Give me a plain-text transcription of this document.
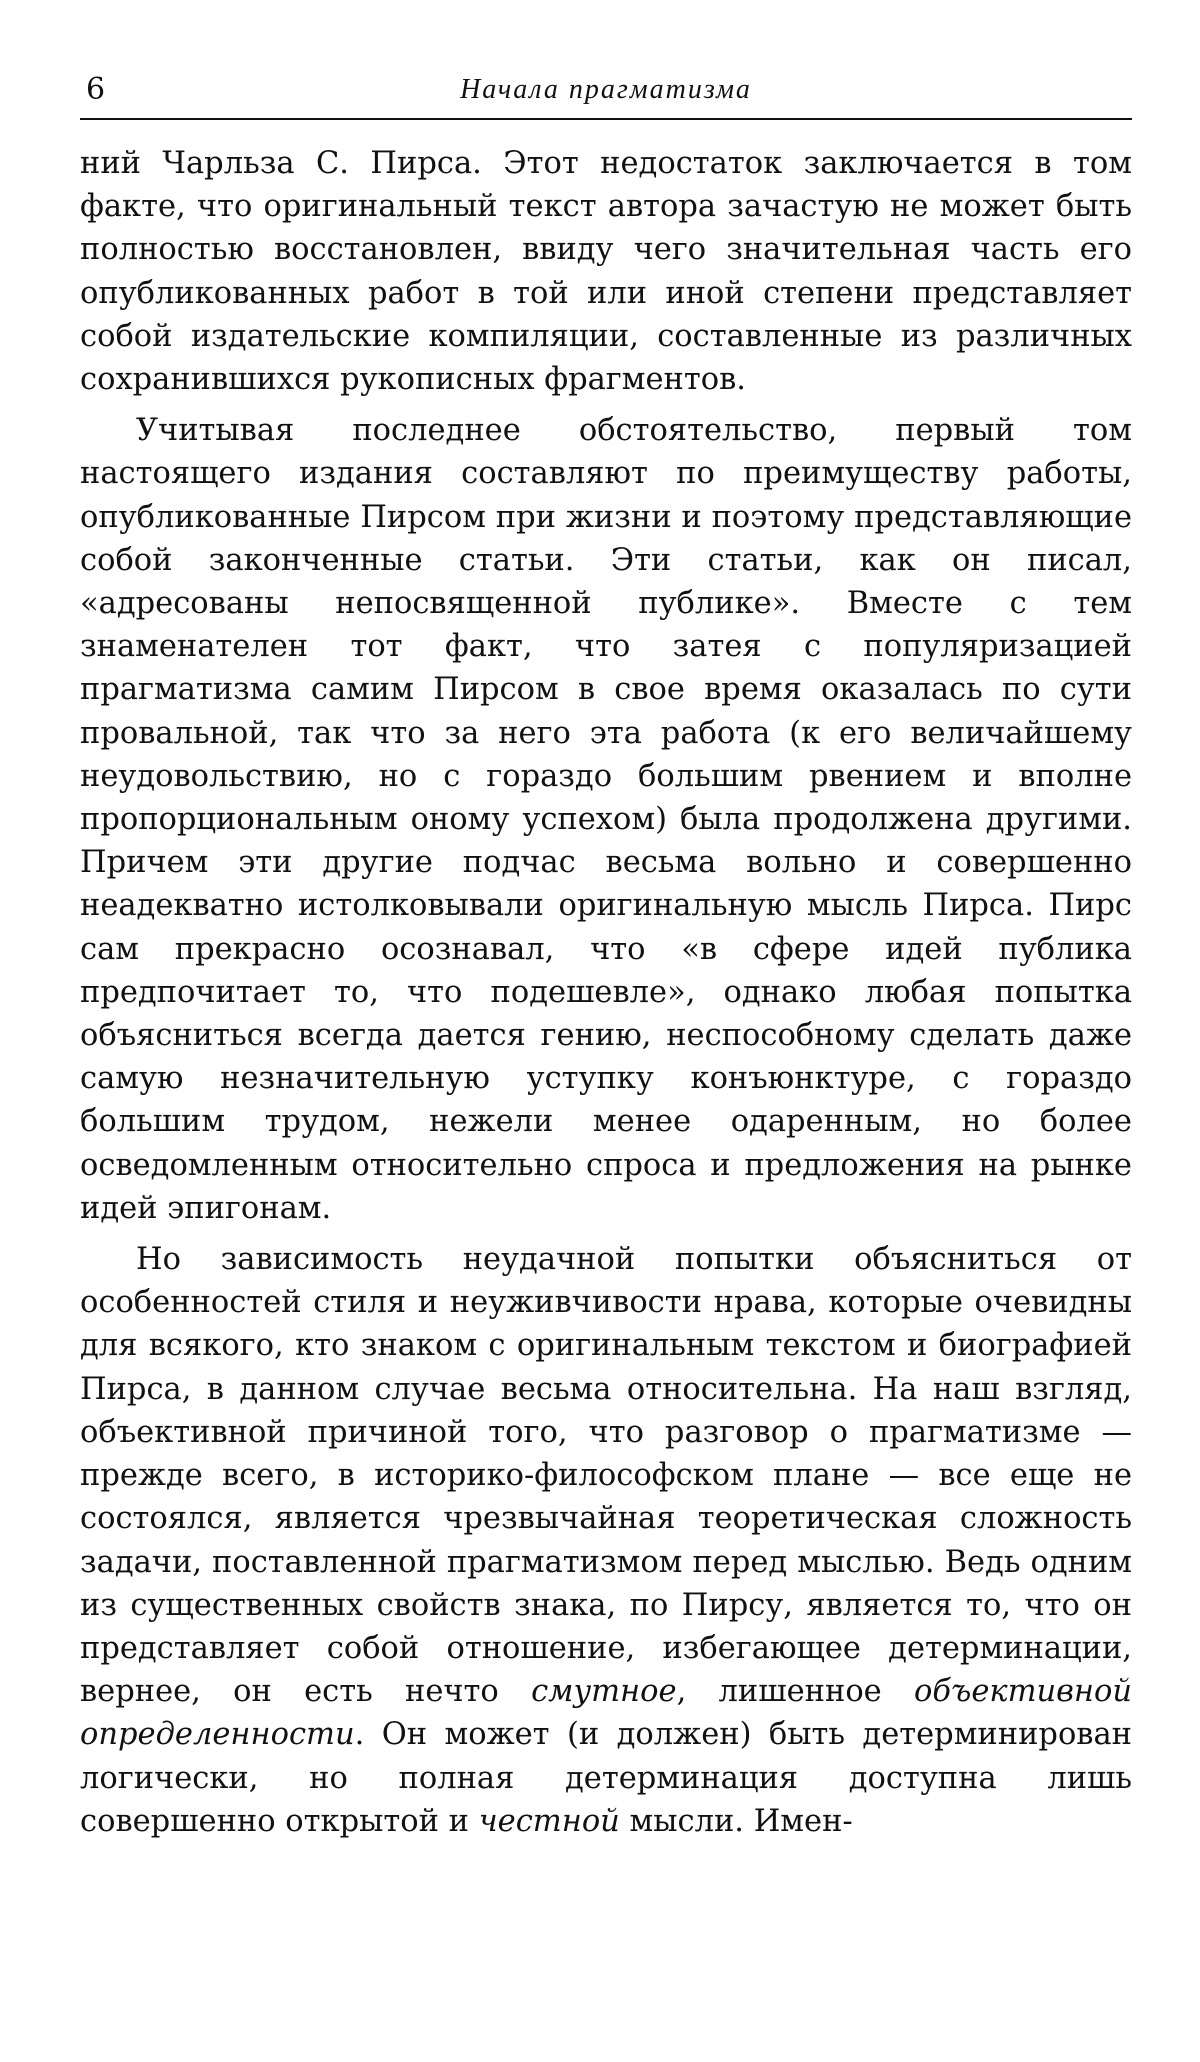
6	Начала прагматизма

ний Чарльза С. Пирса. Этот недостаток заключается в том факте, что оригинальный текст автора зачастую не может быть полностью восстановлен, ввиду чего значительная часть его опубликованных работ в той или иной степени представляет собой издательские компиляции, составленные из различных сохранившихся рукописных фрагментов.

Учитывая последнее обстоятельство, первый том настоящего издания составляют по преимуществу работы, опубликованные Пирсом при жизни и поэтому представляющие собой законченные статьи. Эти статьи, как он писал, «адресованы непосвященной публике». Вместе с тем знаменателен тот факт, что затея с популяризацией прагматизма самим Пирсом в свое время оказалась по сути провальной, так что за него эта работа (к его величайшему неудовольствию, но с гораздо большим рвением и вполне пропорциональным оному успехом) была продолжена другими. Причем эти другие подчас весьма вольно и совершенно неадекватно истолковывали оригинальную мысль Пирса. Пирс сам прекрасно осознавал, что «в сфере идей публика предпочитает то, что подешевле», однако любая попытка объясниться всегда дается гению, неспособному сделать даже самую незначительную уступку конъюнктуре, с гораздо большим трудом, нежели менее одаренным, но более осведомленным относительно спроса и предложения на рынке идей эпигонам.

Но зависимость неудачной попытки объясниться от особенностей стиля и неуживчивости нрава, которые очевидны для всякого, кто знаком с оригинальным текстом и биографией Пирса, в данном случае весьма относительна. На наш взгляд, объективной причиной того, что разговор о прагматизме — прежде всего, в историко-философском плане — все еще не состоялся, является чрезвычайная теоретическая сложность задачи, поставленной прагматизмом перед мыслью. Ведь одним из существенных свойств знака, по Пирсу, является то, что он представляет собой отношение, избегающее детерминации, вернее, он есть нечто смутное, лишенное объективной определенности. Он может (и должен) быть детерминирован логически, но полная детерминация доступна лишь совершенно открытой и честной мысли. Имен-
